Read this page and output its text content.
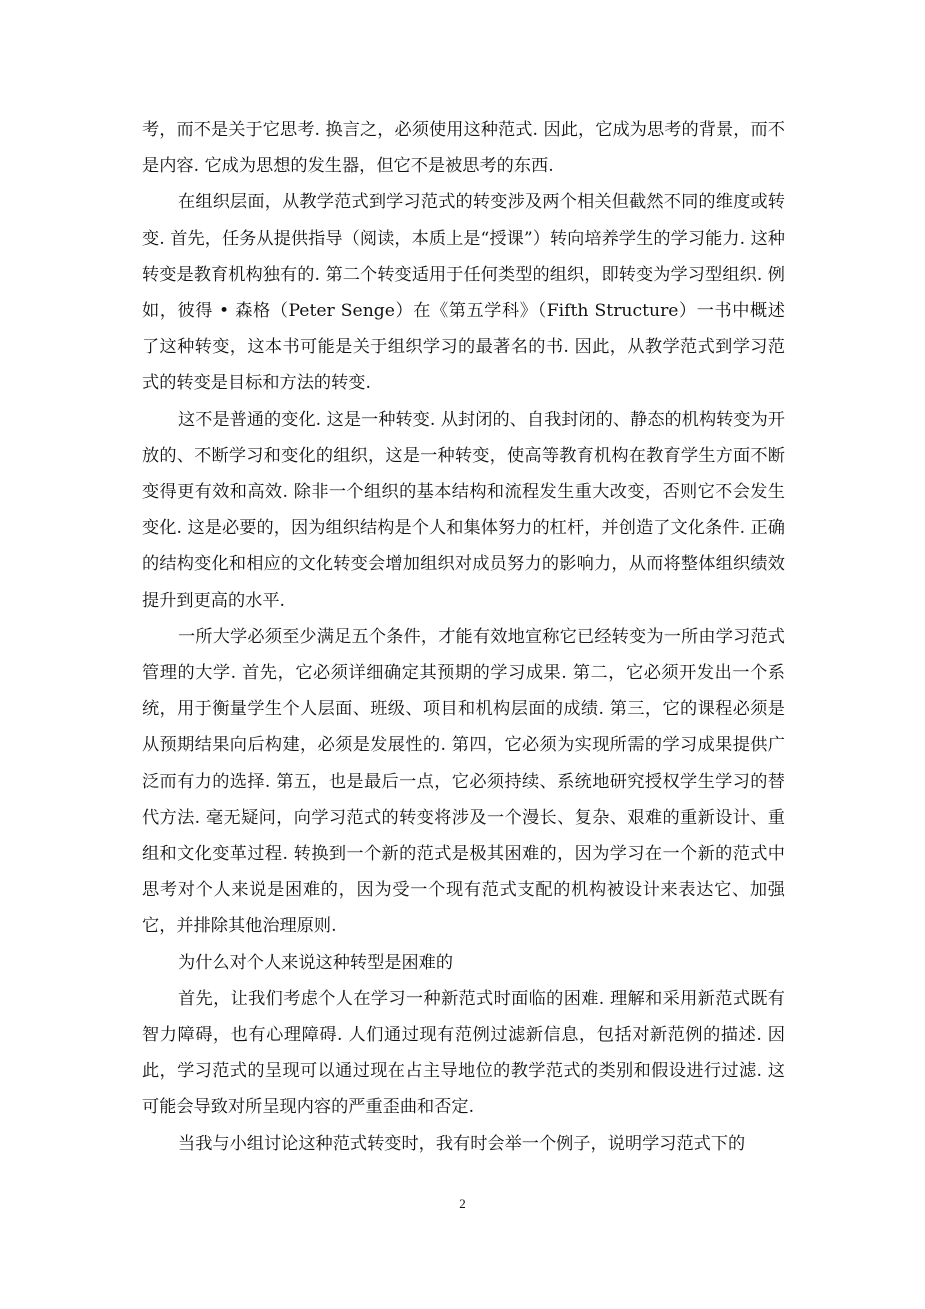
考，而不是关于它思考. 换言之，必须使用这种范式. 因此，它成为思考的背景，而不是内容. 它成为思想的发生器，但它不是被思考的东西.

在组织层面，从教学范式到学习范式的转变涉及两个相关但截然不同的维度或转变. 首先，任务从提供指导（阅读，本质上是“授课”）转向培养学生的学习能力. 这种转变是教育机构独有的. 第二个转变适用于任何类型的组织，即转变为学习型组织. 例如，彼得 • 森格（Peter Senge）在《第五学科》（Fifth Structure）一书中概述了这种转变，这本书可能是关于组织学习的最著名的书. 因此，从教学范式到学习范式的转变是目标和方法的转变.

这不是普通的变化. 这是一种转变. 从封闭的、自我封闭的、静态的机构转变为开放的、不断学习和变化的组织，这是一种转变，使高等教育机构在教育学生方面不断变得更有效和高效. 除非一个组织的基本结构和流程发生重大改变，否则它不会发生变化. 这是必要的，因为组织结构是个人和集体努力的杠杆，并创造了文化条件. 正确的结构变化和相应的文化转变会增加组织对成员努力的影响力，从而将整体组织绩效提升到更高的水平.

一所大学必须至少满足五个条件，才能有效地宣称它已经转变为一所由学习范式管理的大学. 首先，它必须详细确定其预期的学习成果. 第二，它必须开发出一个系统，用于衡量学生个人层面、班级、项目和机构层面的成绩. 第三，它的课程必须是从预期结果向后构建，必须是发展性的. 第四，它必须为实现所需的学习成果提供广泛而有力的选择. 第五，也是最后一点，它必须持续、系统地研究授权学生学习的替代方法. 毫无疑问，向学习范式的转变将涉及一个漫长、复杂、艰难的重新设计、重组和文化变革过程. 转换到一个新的范式是极其困难的，因为学习在一个新的范式中思考对个人来说是困难的，因为受一个现有范式支配的机构被设计来表达它、加强它，并排除其他治理原则.

为什么对个人来说这种转型是困难的

首先，让我们考虑个人在学习一种新范式时面临的困难. 理解和采用新范式既有智力障碍，也有心理障碍. 人们通过现有范例过滤新信息，包括对新范例的描述. 因此，学习范式的呈现可以通过现在占主导地位的教学范式的类别和假设进行过滤. 这可能会导致对所呈现内容的严重歪曲和否定.

当我与小组讨论这种范式转变时，我有时会举一个例子，说明学习范式下的

2
